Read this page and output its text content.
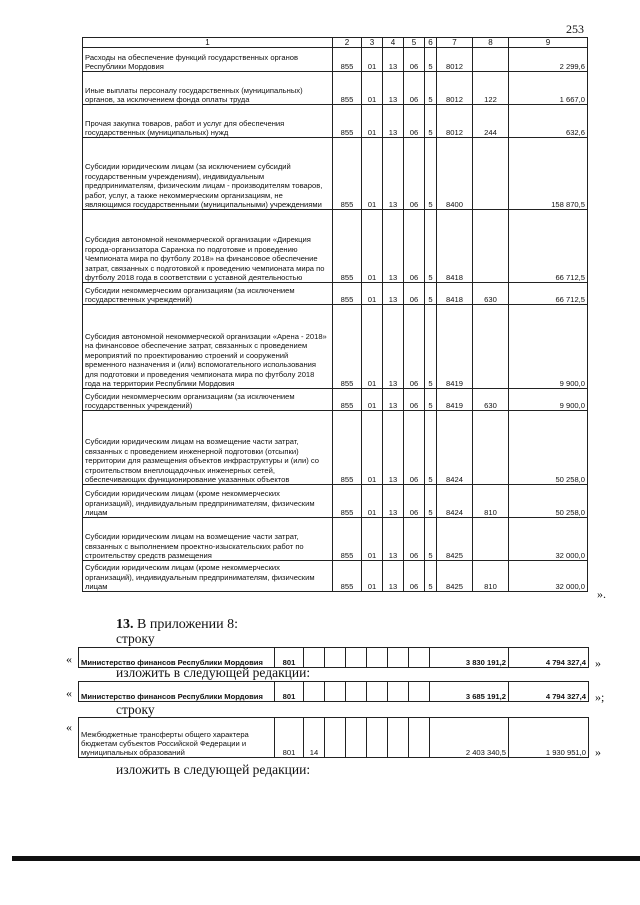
253
1	2	3	4	5	6	7	8	9
Расходы на обеспечение функций государственных органов Республики Мордовия	855	01	13	06	5	8012		2 299,6
Иные выплаты персоналу государственных (муниципальных) органов, за исключением фонда оплаты труда	855	01	13	06	5	8012	122	1 667,0
Прочая закупка товаров, работ и услуг для обеспечения государственных (муниципальных) нужд	855	01	13	06	5	8012	244	632,6
Субсидии юридическим лицам (за исключением субсидий государственным учреждениям), индивидуальным предпринимателям, физическим лицам - производителям товаров, работ, услуг, а также некоммерческим организациям, не являющимся государственными (муниципальными) учреждениями	855	01	13	06	5	8400		158 870,5
Субсидия автономной некоммерческой организации «Дирекция города-организатора Саранска по подготовке и проведению Чемпионата мира по футболу 2018» на финансовое обеспечение затрат, связанных с подготовкой к проведению чемпионата мира по футболу 2018 года в соответствии с уставной деятельностью	855	01	13	06	5	8418		66 712,5
Субсидии некоммерческим организациям (за исключением государственных учреждений)	855	01	13	06	5	8418	630	66 712,5
Субсидия автономной некоммерческой организации «Арена - 2018» на финансовое обеспечение затрат, связанных с проведением мероприятий по проектированию строений и сооружений временного назначения и (или) вспомогательного использования для подготовки и проведения чемпионата мира по футболу 2018 года на территории Республики Мордовия	855	01	13	06	5	8419		9 900,0
Субсидии некоммерческим организациям (за исключением государственных учреждений)	855	01	13	06	5	8419	630	9 900,0
Субсидии юридическим лицам на возмещение части затрат, связанных с проведением инженерной подготовки (отсыпки) территории для размещения объектов инфраструктуры и (или) со строительством внеплощадочных инженерных сетей, обеспечивающих функционирование указанных объектов	855	01	13	06	5	8424		50 258,0
Субсидии юридическим лицам (кроме некоммерческих организаций), индивидуальным предпринимателям, физическим лицам	855	01	13	06	5	8424	810	50 258,0
Субсидии юридическим лицам на возмещение части затрат, связанных с выполнением проектно-изыскательских работ по строительству средств размещения	855	01	13	06	5	8425		32 000,0
Субсидии юридическим лицам (кроме некоммерческих организаций), индивидуальным предпринимателям, физическим лицам	855	01	13	06	5	8425	810	32 000,0
».
13. В приложении 8:
строку
« Министерство финансов Республики Мордовия	801							3 830 191,2	4 794 327,4 »
изложить в следующей редакции:
« Министерство финансов Республики Мордовия	801							3 685 191,2	4 794 327,4 »;
строку
«
Межбюджетные трансферты общего характера бюджетам субъектов Российской Федерации и муниципальных образований	801	14						2 403 340,5	1 930 951,0 »
изложить в следующей редакции:
